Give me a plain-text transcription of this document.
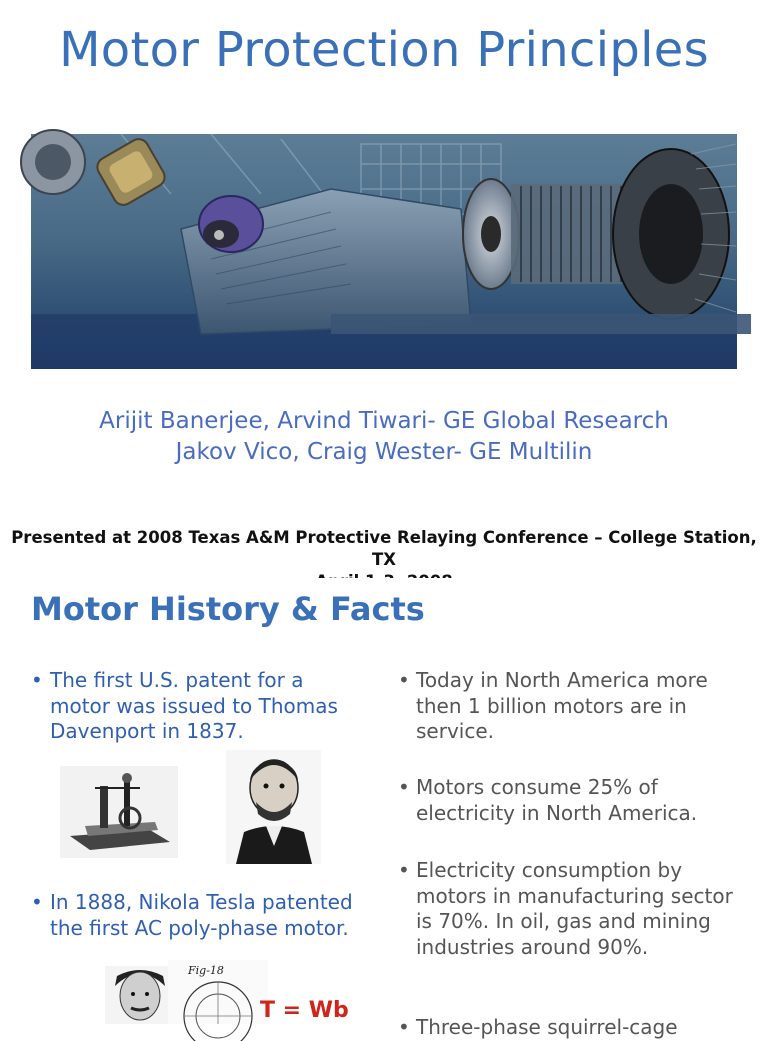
Motor Protection Principles
Arijit Banerjee, Arvind Tiwari- GE Global Research
Jakov Vico, Craig Wester- GE Multilin
Presented at 2008 Texas A&M Protective Relaying Conference – College Station, TX
Motor History & Facts
• The first U.S. patent for a motor was issued to Thomas Davenport in 1837.
• In 1888, Nikola Tesla patented the first AC poly-phase motor.
Fig-18
T = Wb
• Today in North America more then 1 billion motors are in service.
• Motors consume 25% of electricity in North America.
• Electricity consumption by motors in manufacturing sector is 70%. In oil, gas and mining industries around 90%.
• Three-phase squirrel-cage
